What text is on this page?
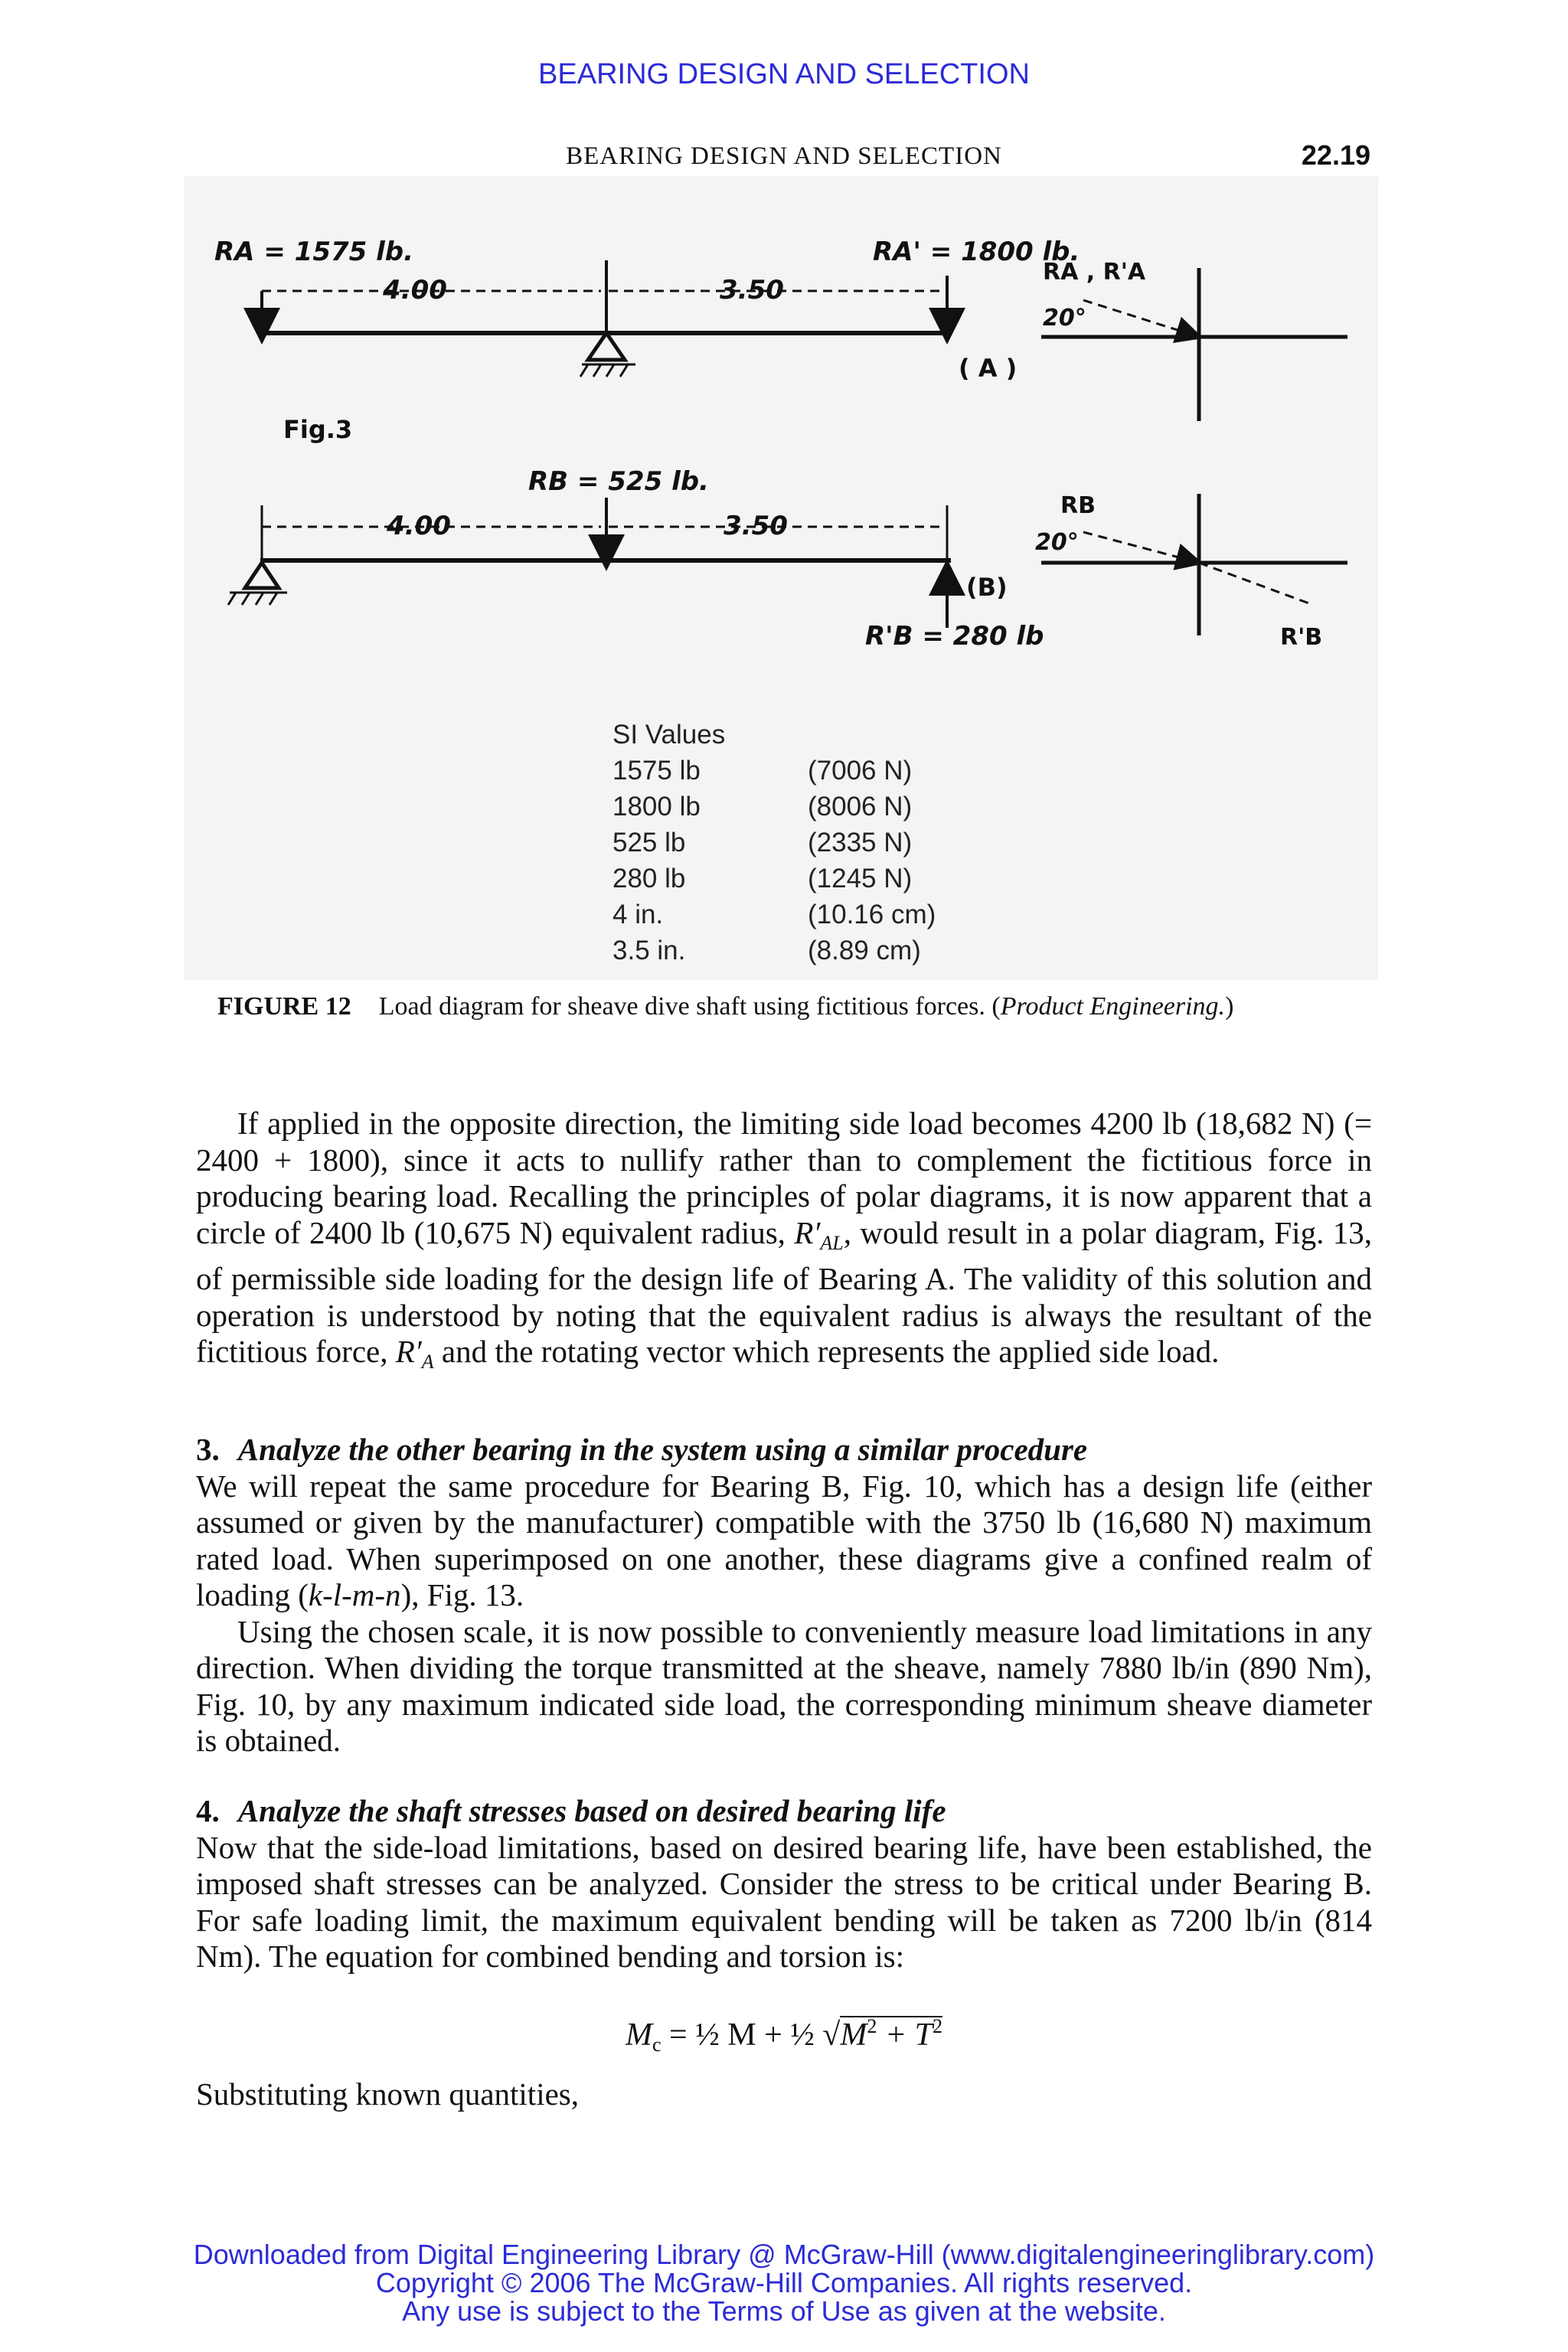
BEARING DESIGN AND SELECTION
BEARING DESIGN AND SELECTION	22.19
RA = 1575 lb.	RA' = 1800 lb.
4.00	3.50
( A )
RA , R'A
20°
Fig.3
RB = 525 lb.
4.00	3.50
(B)
R'B = 280 lb
RB
20°
R'B
SI Values	
1575 lb	(7006 N)
1800 lb	(8006 N)
525 lb	(2335 N)
280 lb	(1245 N)
4 in.	(10.16 cm)
3.5 in.	(8.89 cm)
FIGURE 12 Load diagram for sheave dive shaft using fictitious forces. (Product Engineering.)

If applied in the opposite direction, the limiting side load becomes 4200 lb (18,682 N) (= 2400 + 1800), since it acts to nullify rather than to complement the fictitious force in producing bearing load. Recalling the principles of polar diagrams, it is now apparent that a circle of 2400 lb (10,675 N) equivalent radius, $R'_{AL}$, would result in a polar diagram, Fig. 13, of permissible side loading for the design life of Bearing A. The validity of this solution and operation is understood by noting that the equivalent radius is always the resultant of the fictitious force, $R'_A$ and the rotating vector which represents the applied side load.

3. Analyze the other bearing in the system using a similar procedure

We will repeat the same procedure for Bearing B, Fig. 10, which has a design life (either assumed or given by the manufacturer) compatible with the 3750 lb (16,680 N) maximum rated load. When superimposed on one another, these diagrams give a confined realm of loading (k-l-m-n), Fig. 13.

Using the chosen scale, it is now possible to conveniently measure load limitations in any direction. When dividing the torque transmitted at the sheave, namely 7880 lb/in (890 Nm), Fig. 10, by any maximum indicated side load, the corresponding minimum sheave diameter is obtained.

4. Analyze the shaft stresses based on desired bearing life

Now that the side-load limitations, based on desired bearing life, have been established, the imposed shaft stresses can be analyzed. Consider the stress to be critical under Bearing B. For safe loading limit, the maximum equivalent bending will be taken as 7200 lb/in (814 Nm). The equation for combined bending and torsion is:

$M_c$ = ½ M + ½ $√M^2 + T^2$

Substituting known quantities,

Downloaded from Digital Engineering Library @ McGraw-Hill (www.digitalengineeringlibrary.com)
Copyright © 2006 The McGraw-Hill Companies. All rights reserved.
Any use is subject to the Terms of Use as given at the website.
